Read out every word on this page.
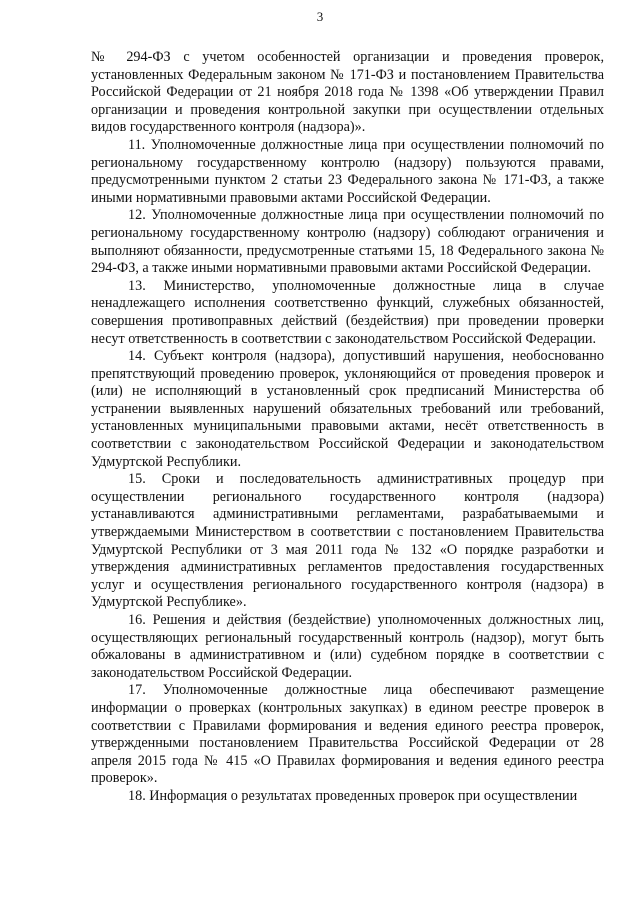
3

№ 294-ФЗ с учетом особенностей организации и проведения проверок, установленных Федеральным законом № 171-ФЗ и постановлением Правительства Российской Федерации от 21 ноября 2018 года № 1398 «Об утверждении Правил организации и проведения контрольной закупки при осуществлении отдельных видов государственного контроля (надзора)».

11. Уполномоченные должностные лица при осуществлении полномочий по региональному государственному контролю (надзору) пользуются правами, предусмотренными пунктом 2 статьи 23 Федерального закона № 171-ФЗ, а также иными нормативными правовыми актами Российской Федерации.

12. Уполномоченные должностные лица при осуществлении полномочий по региональному государственному контролю (надзору) соблюдают ограничения и выполняют обязанности, предусмотренные статьями 15, 18 Федерального закона № 294-ФЗ, а также иными нормативными правовыми актами Российской Федерации.

13. Министерство, уполномоченные должностные лица в случае ненадлежащего исполнения соответственно функций, служебных обязанностей, совершения противоправных действий (бездействия) при проведении проверки несут ответственность в соответствии с законодательством Российской Федерации.

14. Субъект контроля (надзора), допустивший нарушения, необоснованно препятствующий проведению проверок, уклоняющийся от проведения проверок и (или) не исполняющий в установленный срок предписаний Министерства об устранении выявленных нарушений обязательных требований или требований, установленных муниципальными правовыми актами, несёт ответственность в соответствии с законодательством Российской Федерации и законодательством Удмуртской Республики.

15. Сроки и последовательность административных процедур при осуществлении регионального государственного контроля (надзора) устанавливаются административными регламентами, разрабатываемыми и утверждаемыми Министерством в соответствии с постановлением Правительства Удмуртской Республики от 3 мая 2011 года № 132 «О порядке разработки и утверждения административных регламентов предоставления государственных услуг и осуществления регионального государственного контроля (надзора) в Удмуртской Республике».

16. Решения и действия (бездействие) уполномоченных должностных лиц, осуществляющих региональный государственный контроль (надзор), могут быть обжалованы в административном и (или) судебном порядке в соответствии с законодательством Российской Федерации.

17. Уполномоченные должностные лица обеспечивают размещение информации о проверках (контрольных закупках) в едином реестре проверок в соответствии с Правилами формирования и ведения единого реестра проверок, утвержденными постановлением Правительства Российской Федерации от 28 апреля 2015 года № 415 «О Правилах формирования и ведения единого реестра проверок».

18. Информация о результатах проведенных проверок при осуществлении
